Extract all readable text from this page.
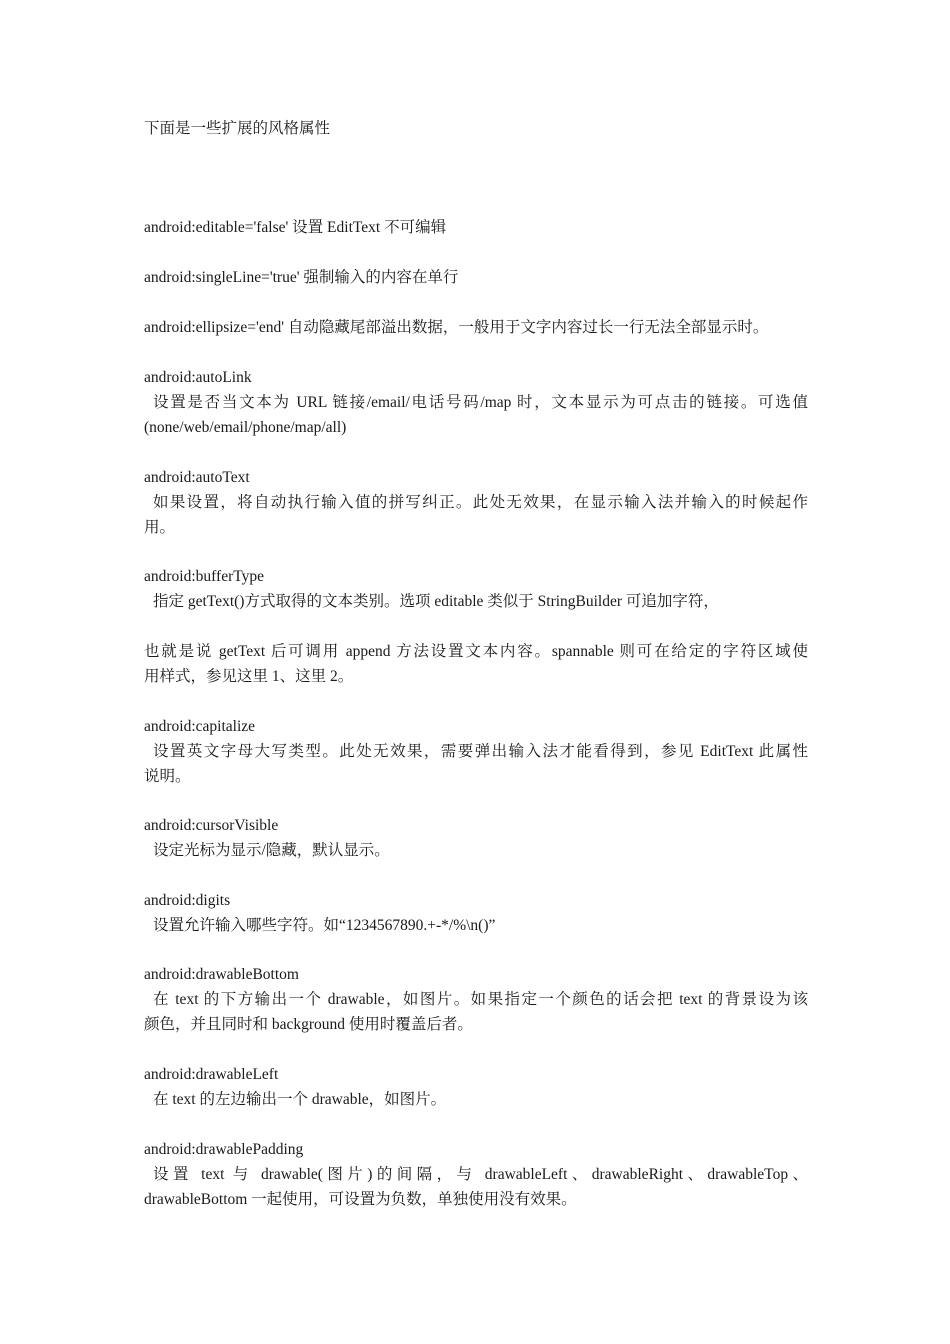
下面是一些扩展的风格属性
android:editable='false' 设置 EditText 不可编辑
android:singleLine='true' 强制输入的内容在单行
android:ellipsize='end' 自动隐藏尾部溢出数据，一般用于文字内容过长一行无法全部显示时。
android:autoLink
设置是否当文本为 URL 链接/email/电话号码/map 时，文本显示为可点击的链接。可选值
(none/web/email/phone/map/all)
android:autoText
如果设置，将自动执行输入值的拼写纠正。此处无效果，在显示输入法并输入的时候起作
用。
android:bufferType
指定 getText()方式取得的文本类别。选项 editable 类似于 StringBuilder 可追加字符，
也就是说 getText 后可调用 append 方法设置文本内容。spannable 则可在给定的字符区域使
用样式，参见这里 1、这里 2。
android:capitalize
设置英文字母大写类型。此处无效果，需要弹出输入法才能看得到，参见 EditText 此属性
说明。
android:cursorVisible
设定光标为显示/隐藏，默认显示。
android:digits
设置允许输入哪些字符。如“1234567890.+-*/%\n()”
android:drawableBottom
在 text 的下方输出一个 drawable，如图片。如果指定一个颜色的话会把 text 的背景设为该
颜色，并且同时和 background 使用时覆盖后者。
android:drawableLeft
在 text 的左边输出一个 drawable，如图片。
android:drawablePadding
设置 text 与 drawable(图片)的间隔，与 drawableLeft、drawableRight、drawableTop、
drawableBottom 一起使用，可设置为负数，单独使用没有效果。
